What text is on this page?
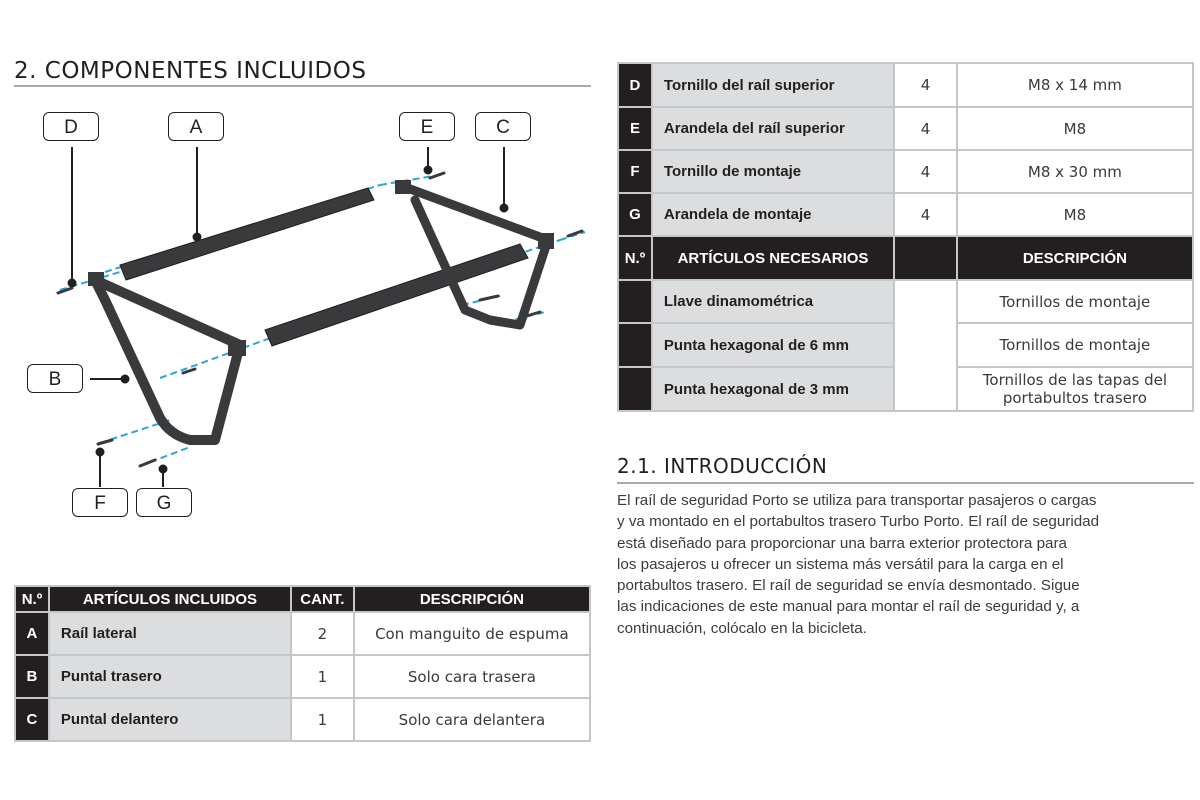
2. COMPONENTES INCLUIDOS
D	A	E	C
B
F	G
N.º	ARTÍCULOS INCLUIDOS	CANT.	DESCRIPCIÓN
A	Raíl lateral	2	Con manguito de espuma
B	Puntal trasero	1	Solo cara trasera
C	Puntal delantero	1	Solo cara delantera
D	Tornillo del raíl superior	4	M8 x 14 mm
E	Arandela del raíl superior	4	M8
F	Tornillo de montaje	4	M8 x 30 mm
G	Arandela de montaje	4	M8
N.º	ARTÍCULOS NECESARIOS		DESCRIPCIÓN
	Llave dinamométrica		Tornillos de montaje
	Punta hexagonal de 6 mm		Tornillos de montaje
	Punta hexagonal de 3 mm		Tornillos de las tapas del
portabultos trasero
2.1. INTRODUCCIÓN
El raíl de seguridad Porto se utiliza para transportar pasajeros o cargas
y va montado en el portabultos trasero Turbo Porto. El raíl de seguridad
está diseñado para proporcionar una barra exterior protectora para
los pasajeros u ofrecer un sistema más versátil para la carga en el
portabultos trasero. El raíl de seguridad se envía desmontado. Sigue
las indicaciones de este manual para montar el raíl de seguridad y, a
continuación, colócalo en la bicicleta.
